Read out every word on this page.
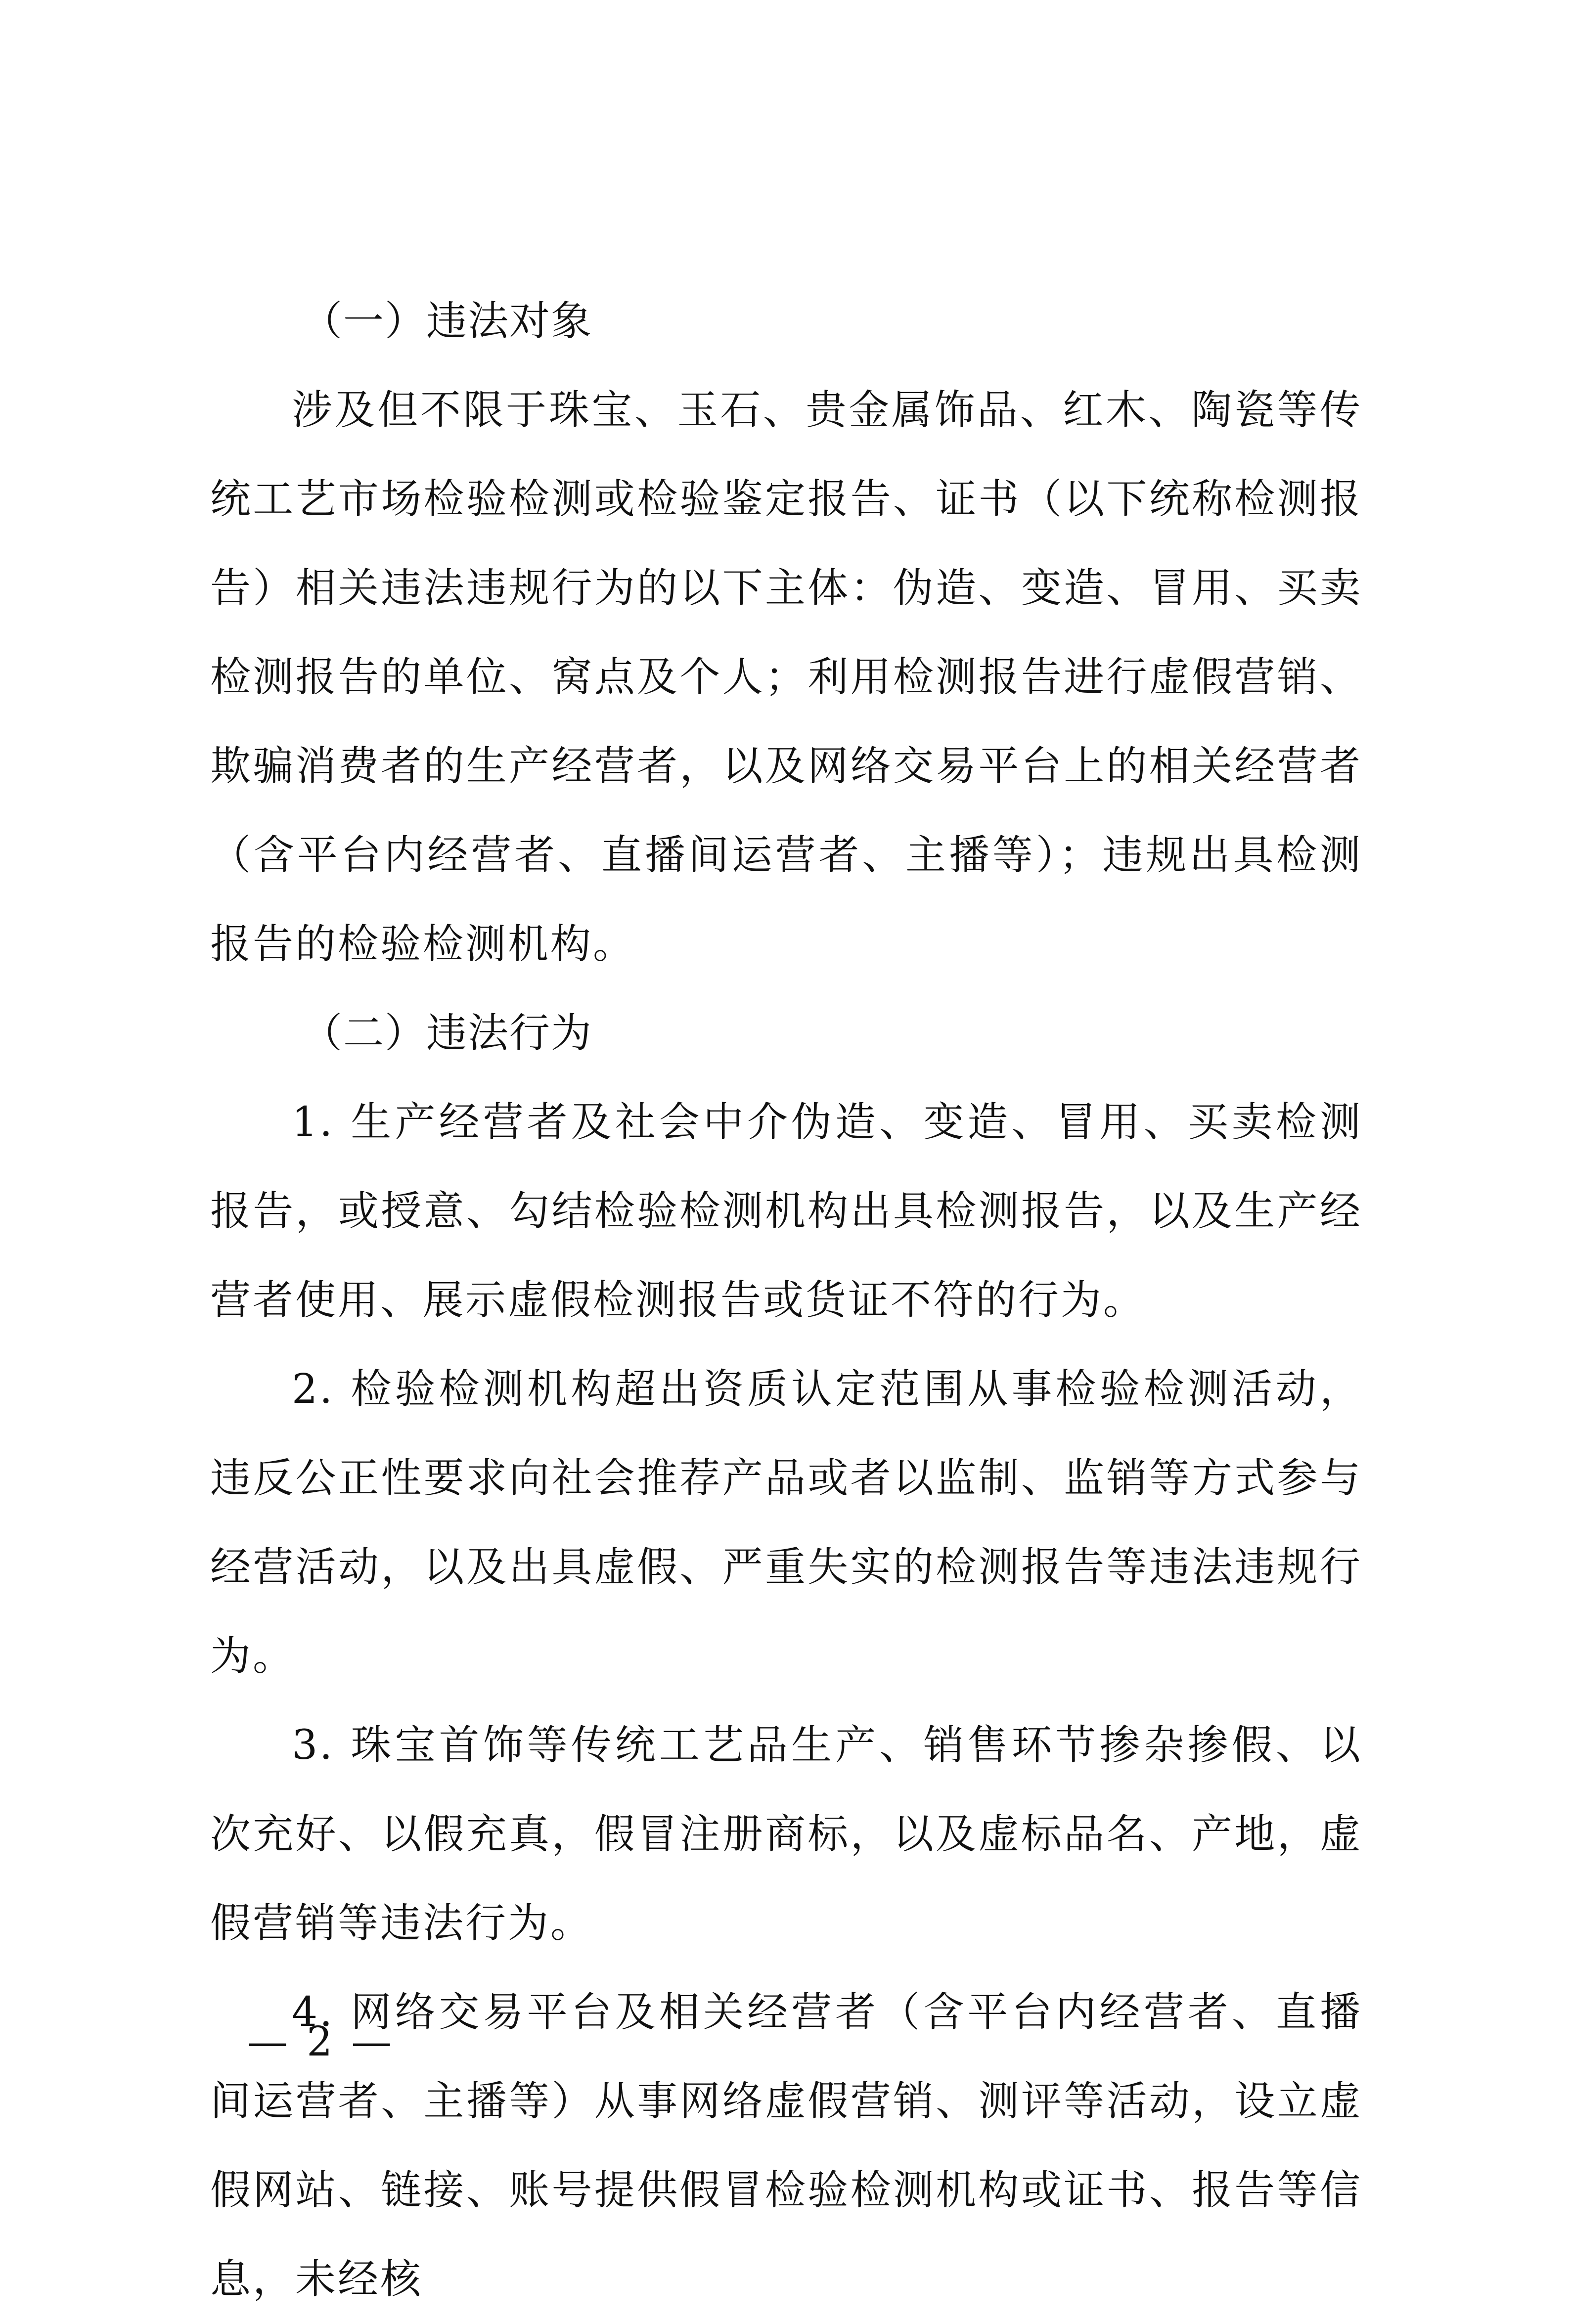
（一）违法对象

涉及但不限于珠宝、玉石、贵金属饰品、红木、陶瓷等传统工艺市场检验检测或检验鉴定报告、证书（以下统称检测报告）相关违法违规行为的以下主体：伪造、变造、冒用、买卖检测报告的单位、窝点及个人；利用检测报告进行虚假营销、欺骗消费者的生产经营者，以及网络交易平台上的相关经营者（含平台内经营者、直播间运营者、主播等）；违规出具检测报告的检验检测机构。

（二）违法行为

1. 生产经营者及社会中介伪造、变造、冒用、买卖检测报告，或授意、勾结检验检测机构出具检测报告，以及生产经营者使用、展示虚假检测报告或货证不符的行为。

2. 检验检测机构超出资质认定范围从事检验检测活动，违反公正性要求向社会推荐产品或者以监制、监销等方式参与经营活动，以及出具虚假、严重失实的检测报告等违法违规行为。

3. 珠宝首饰等传统工艺品生产、销售环节掺杂掺假、以次充好、以假充真，假冒注册商标，以及虚标品名、产地，虚假营销等违法行为。

4. 网络交易平台及相关经营者（含平台内经营者、直播间运营者、主播等）从事网络虚假营销、测评等活动，设立虚假网站、链接、账号提供假冒检验检测机构或证书、报告等信息，未经核

— 2 —
